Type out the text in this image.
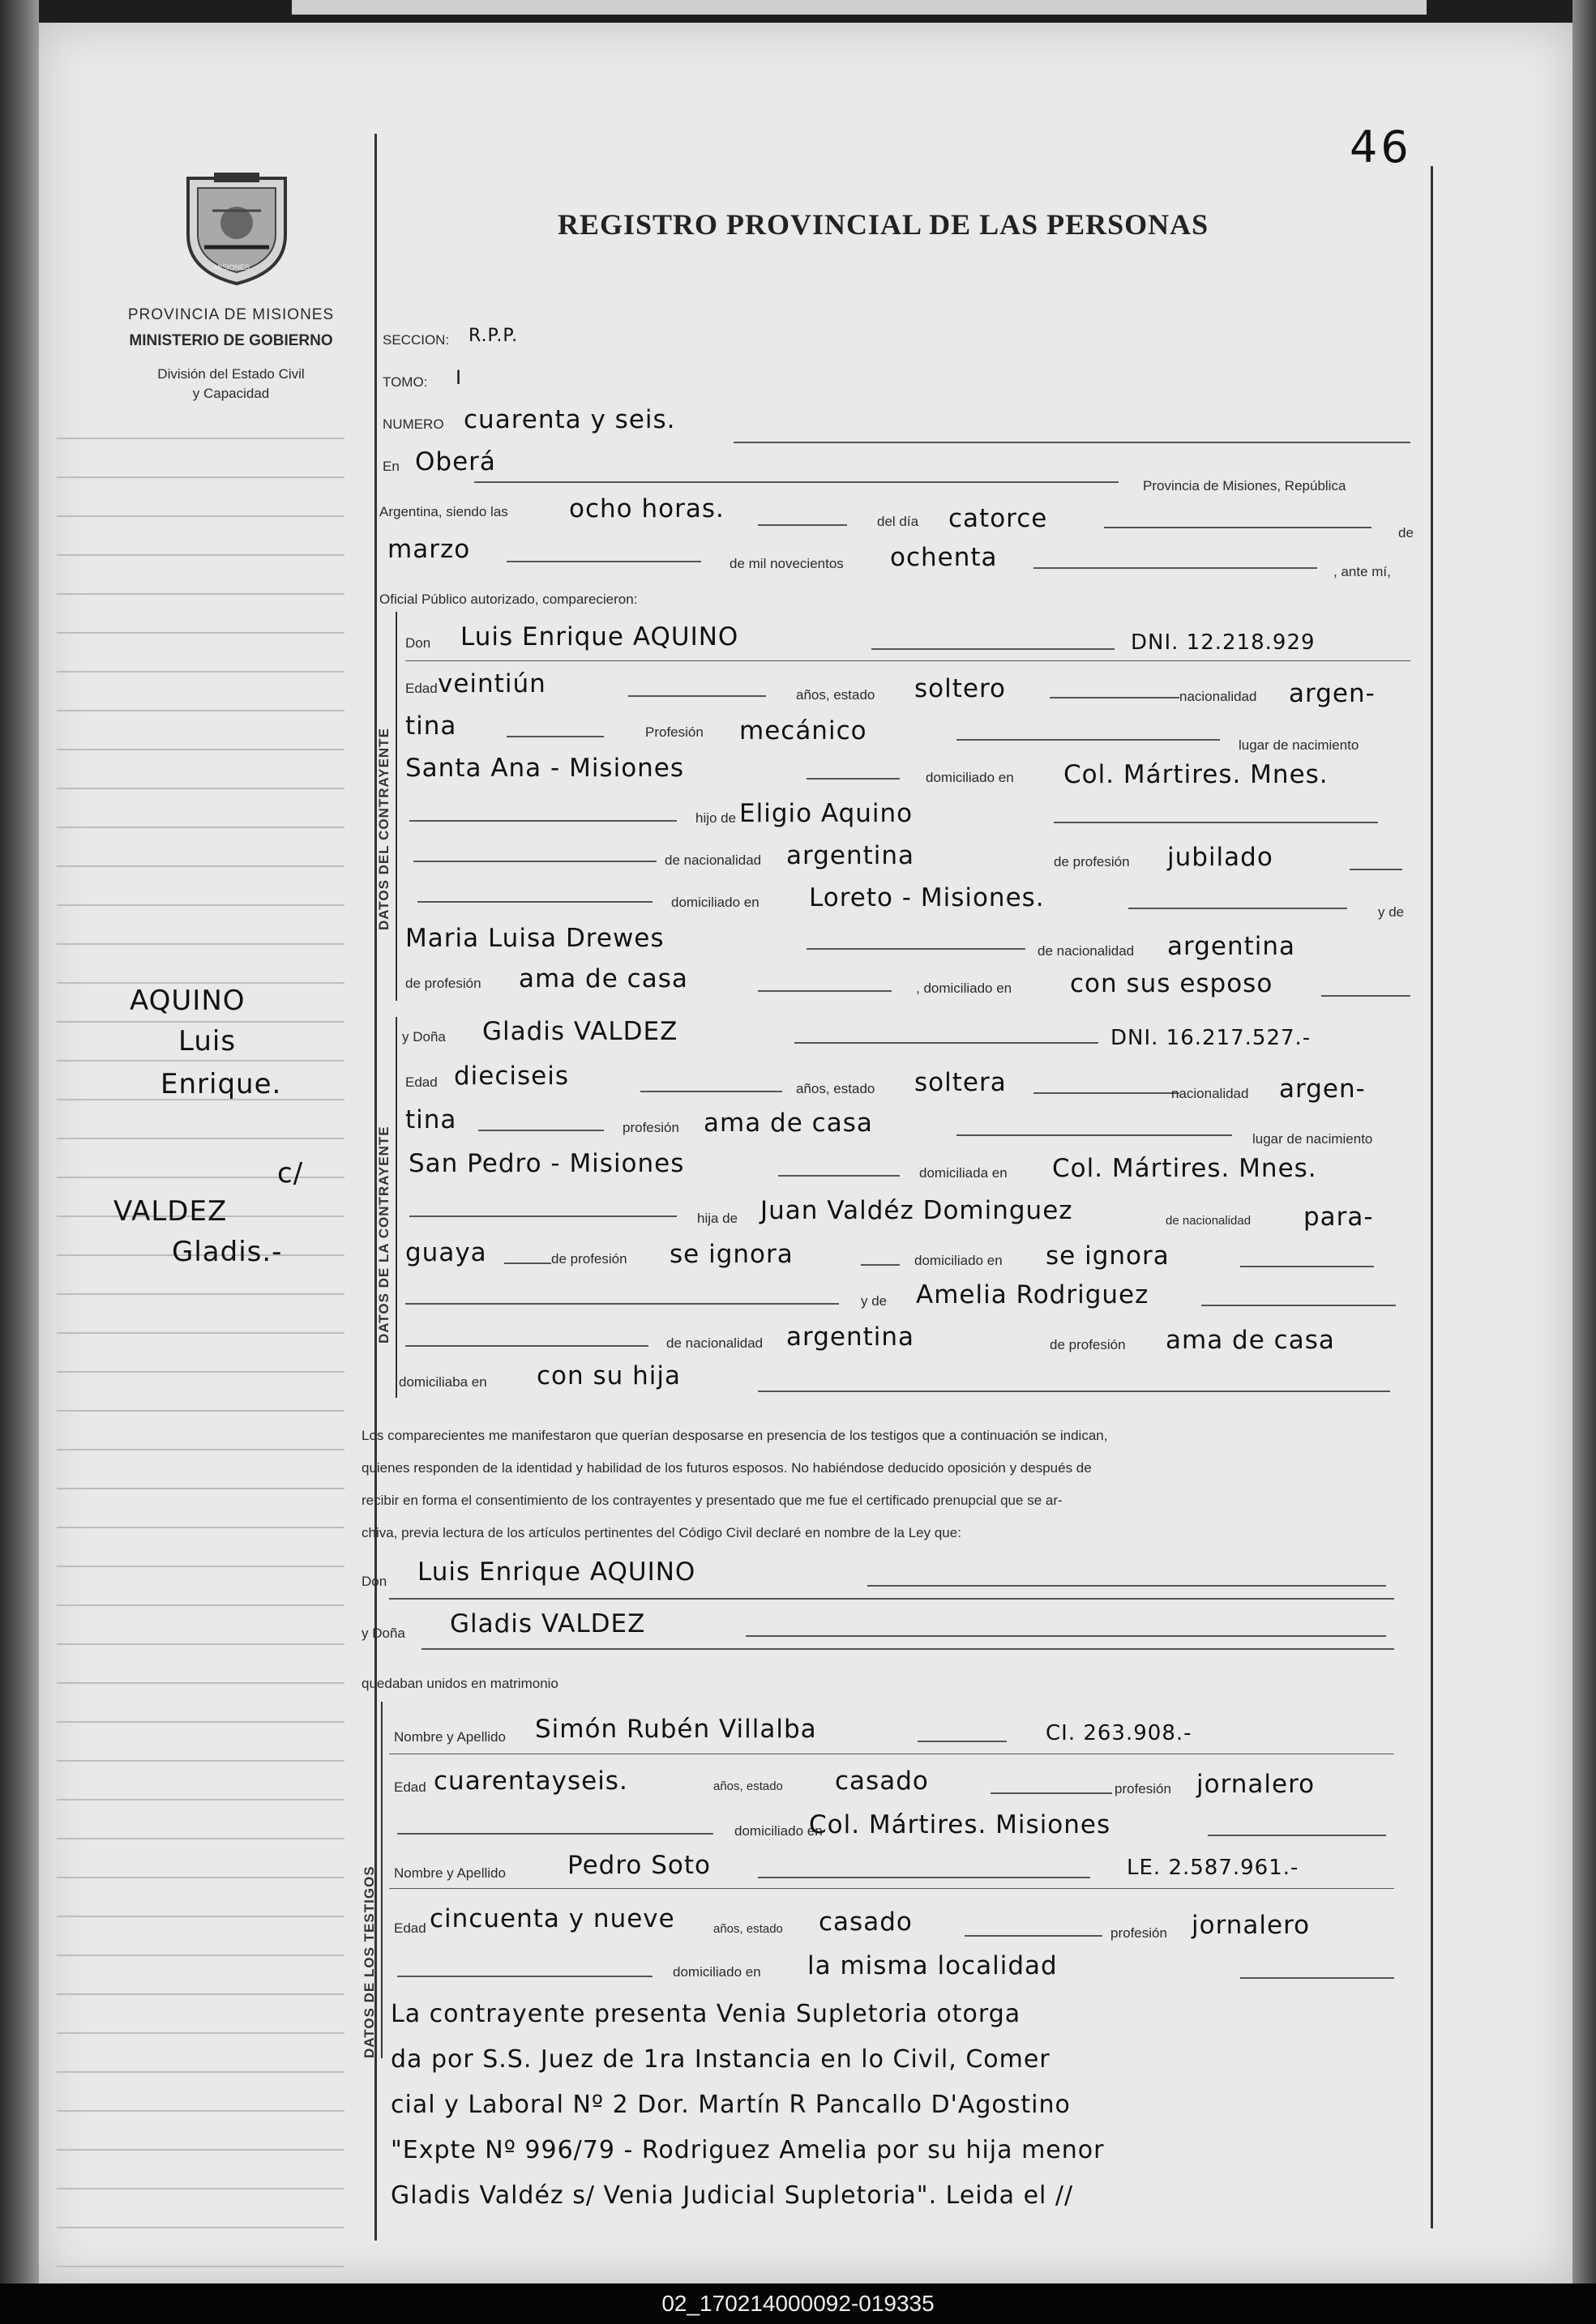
46
MISIONES
PROVINCIA DE MISIONES
MINISTERIO DE GOBIERNO
División del Estado Civil
y Capacidad
REGISTRO PROVINCIAL DE LAS PERSONAS
AQUINO
Luis
Enrique.
c/
VALDEZ
Gladis.-
SECCION: R.P.P.
TOMO: I
NUMERO cuarenta y seis.
En Oberá
Provincia de Misiones, República
Argentina, siendo las ocho horas.	del día catorce	de
marzo	de mil novecientos ochenta	, ante mí,
Oficial Público autorizado, comparecieron:
DATOS DEL CONTRAYENTE
Don Luis Enrique AQUINO	DNI. 12.218.929
Edad veintiún	años, estado soltero	nacionalidad argen-
tina	Profesión mecánico	lugar de nacimiento
Santa Ana - Misiones	domiciliado en Col. Mártires. Mnes.
hijo de Eligio Aquino
de nacionalidad argentina	de profesión jubilado
domiciliado en Loreto - Misiones.	y de
Maria Luisa Drewes	de nacionalidad argentina
de profesión ama de casa	, domiciliado en con sus esposo
DATOS DE LA CONTRAYENTE
y Doña Gladis VALDEZ	DNI. 16.217.527.-
Edad dieciseis	años, estado soltera	nacionalidad argen-
tina	profesión ama de casa
lugar de nacimiento
San Pedro - Misiones	domiciliada en Col. Mártires. Mnes.
hija de Juan Valdéz Dominguez	de nacionalidad para-
guaya	de profesión se ignora	domiciliado en se ignora
y de Amelia Rodriguez
de nacionalidad argentina	de profesión ama de casa
domiciliaba en con su hija
Los comparecientes me manifestaron que querían desposarse en presencia de los testigos que a continuación se indican,
quienes responden de la identidad y habilidad de los futuros esposos. No habiéndose deducido oposición y después de
recibir en forma el consentimiento de los contrayentes y presentado que me fue el certificado prenupcial que se ar-
chiva, previa lectura de los artículos pertinentes del Código Civil declaré en nombre de la Ley que:
Don Luis Enrique AQUINO
y Doña Gladis VALDEZ
quedaban unidos en matrimonio
DATOS DE LOS TESTIGOS
Nombre y Apellido Simón Rubén Villalba	CI. 263.908.-
Edad cuarentayseis.	años, estado casado	profesión jornalero
domiciliado en
Col. Mártires. Misiones
Nombre y Apellido Pedro Soto	LE. 2.587.961.-
Edad cincuenta y nueve	años, estado casado	profesión jornalero
domiciliado en la misma localidad
La contrayente presenta Venia Supletoria otorga
da por S.S. Juez de 1ra Instancia en lo Civil, Comer
cial y Laboral Nº 2 Dor. Martín R Pancallo D'Agostino
"Expte Nº 996/79 - Rodriguez Amelia por su hija menor
Gladis Valdéz s/ Venia Judicial Supletoria". Leida el //
02_170214000092-019335
